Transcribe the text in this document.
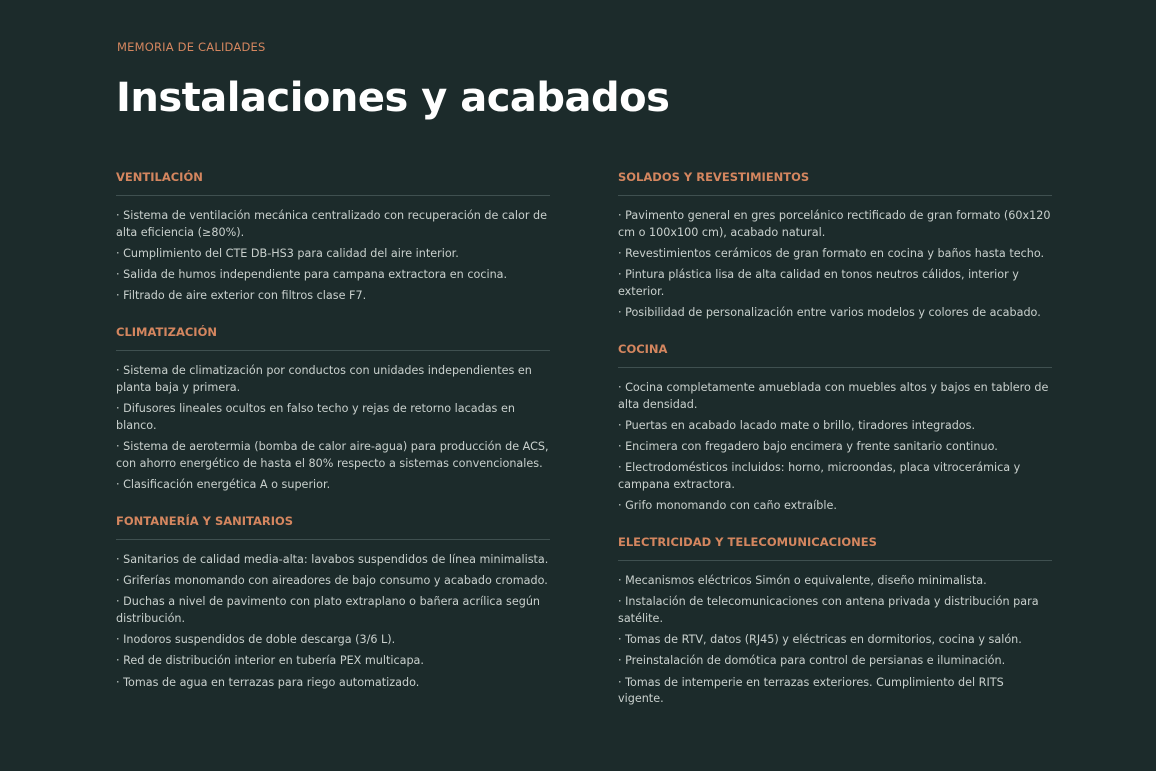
MEMORIA DE CALIDADES
Instalaciones y acabados
VENTILACIÓN
· Sistema de ventilación mecánica centralizado con recuperación de calor de alta eficiencia (≥80%).
· Cumplimiento del CTE DB-HS3 para calidad del aire interior.
· Salida de humos independiente para campana extractora en cocina.
· Filtrado de aire exterior con filtros clase F7.
CLIMATIZACIÓN
· Sistema de climatización por conductos con unidades independientes en planta baja y primera.
· Difusores lineales ocultos en falso techo y rejas de retorno lacadas en blanco.
· Sistema de aerotermia (bomba de calor aire-agua) para producción de ACS, con ahorro energético de hasta el 80% respecto a sistemas convencionales.
· Clasificación energética A o superior.
FONTANERÍA Y SANITARIOS
· Sanitarios de calidad media-alta: lavabos suspendidos de línea minimalista.
· Griferías monomando con aireadores de bajo consumo y acabado cromado.
· Duchas a nivel de pavimento con plato extraplano o bañera acrílica según distribución.
· Inodoros suspendidos de doble descarga (3/6 L).
· Red de distribución interior en tubería PEX multicapa.
· Tomas de agua en terrazas para riego automatizado.
SOLADOS Y REVESTIMIENTOS
· Pavimento general en gres porcelánico rectificado de gran formato (60x120 cm o 100x100 cm), acabado natural.
· Revestimientos cerámicos de gran formato en cocina y baños hasta techo.
· Pintura plástica lisa de alta calidad en tonos neutros cálidos, interior y exterior.
· Posibilidad de personalización entre varios modelos y colores de acabado.
COCINA
· Cocina completamente amueblada con muebles altos y bajos en tablero de alta densidad.
· Puertas en acabado lacado mate o brillo, tiradores integrados.
· Encimera con fregadero bajo encimera y frente sanitario continuo.
· Electrodomésticos incluidos: horno, microondas, placa vitrocerámica y campana extractora.
· Grifo monomando con caño extraíble.
ELECTRICIDAD Y TELECOMUNICACIONES
· Mecanismos eléctricos Simón o equivalente, diseño minimalista.
· Instalación de telecomunicaciones con antena privada y distribución para satélite.
· Tomas de RTV, datos (RJ45) y eléctricas en dormitorios, cocina y salón.
· Preinstalación de domótica para control de persianas e iluminación.
· Tomas de intemperie en terrazas exteriores. Cumplimiento del RITS vigente.
